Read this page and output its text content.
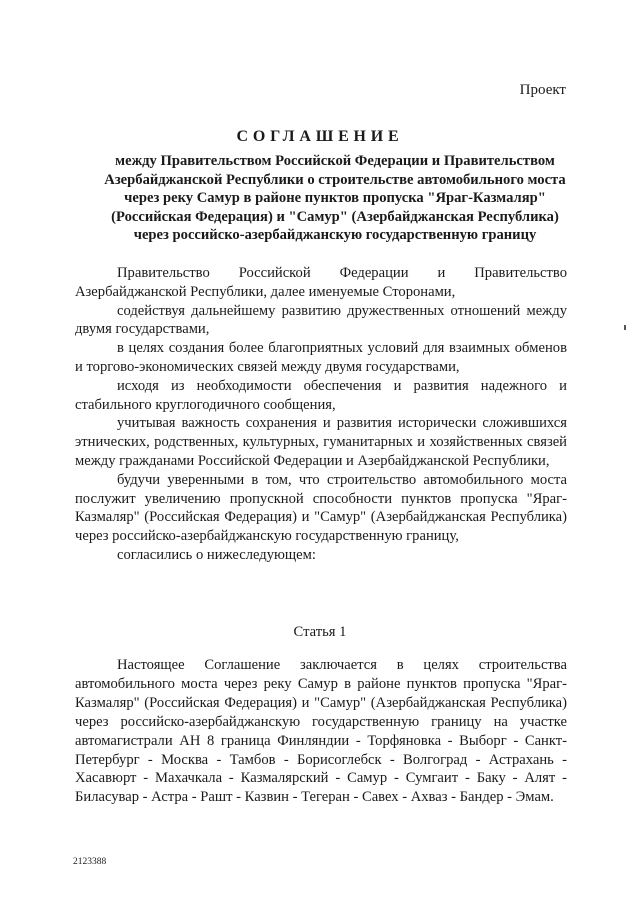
Проект
СОГЛАШЕНИЕ
между Правительством Российской Федерации и Правительством
Азербайджанской Республики о строительстве автомобильного моста
через реку Самур в районе пунктов пропуска "Яраг-Казмаляр"
(Российская Федерация) и "Самур" (Азербайджанская Республика)
через российско-азербайджанскую государственную границу

Правительство Российской Федерации и Правительство Азербайджанской Республики, далее именуемые Сторонами,

содействуя дальнейшему развитию дружественных отношений между двумя государствами,

в целях создания более благоприятных условий для взаимных обменов и торгово-экономических связей между двумя государствами,

исходя из необходимости обеспечения и развития надежного и стабильного круглогодичного сообщения,

учитывая важность сохранения и развития исторически сложившихся этнических, родственных, культурных, гуманитарных и хозяйственных связей между гражданами Российской Федерации и Азербайджанской Республики,

будучи уверенными в том, что строительство автомобильного моста послужит увеличению пропускной способности пунктов пропуска "Яраг-Казмаляр" (Российская Федерация) и "Самур" (Азербайджанская Республика) через российско-азербайджанскую государственную границу,

согласились о нижеследующем:

Статья 1

Настоящее Соглашение заключается в целях строительства автомобильного моста через реку Самур в районе пунктов пропуска "Яраг-Казмаляр" (Российская Федерация) и "Самур" (Азербайджанская Республика) через российско-азербайджанскую государственную границу на участке автомагистрали АН 8 граница Финляндии - Торфяновка - Выборг - Санкт-Петербург - Москва - Тамбов - Борисоглебск - Волгоград - Астрахань - Хасавюрт - Махачкала - Казмалярский - Самур - Сумгаит - Баку - Алят - Биласувар - Астра - Рашт - Казвин - Тегеран - Савех - Ахваз - Бандер - Эмам.

2123388
